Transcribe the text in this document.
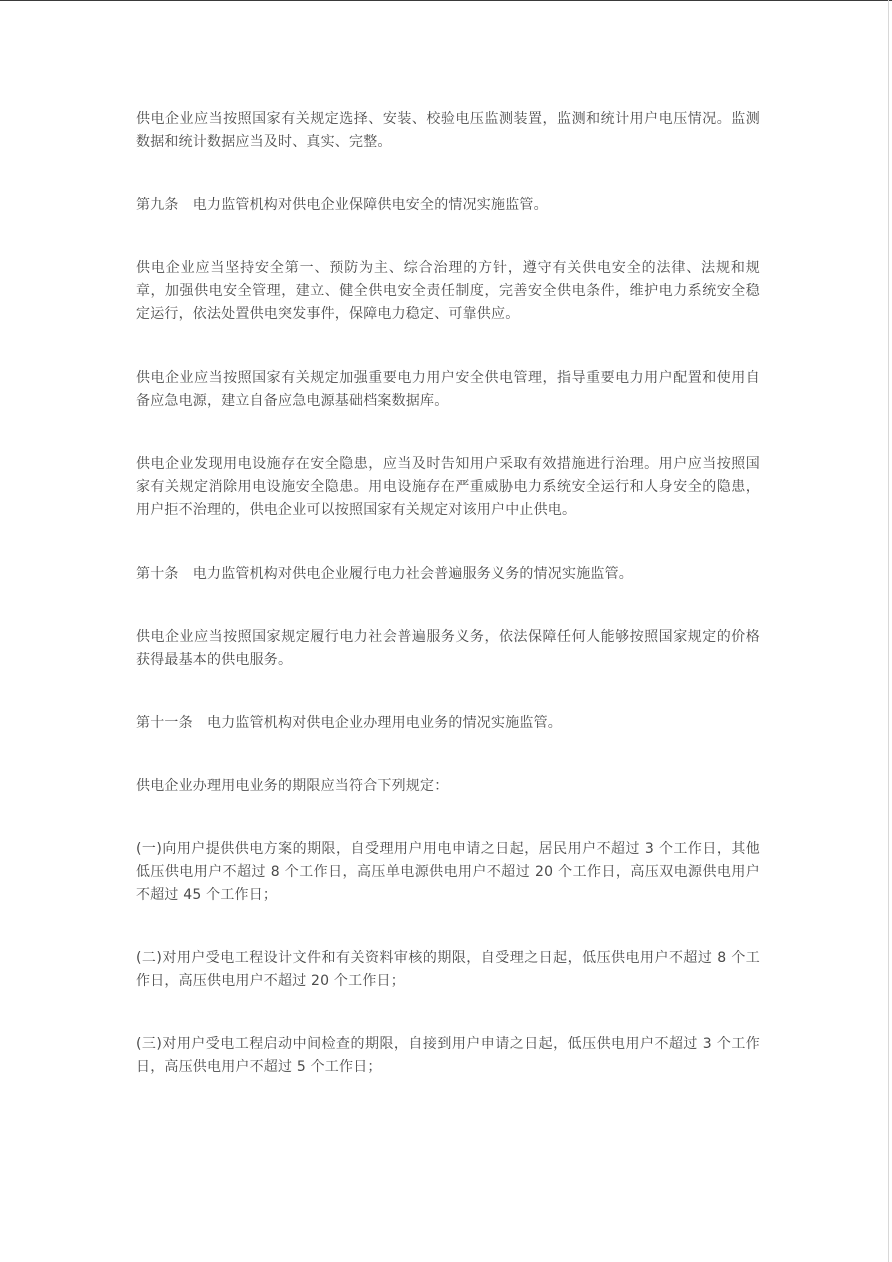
供电企业应当按照国家有关规定选择、安装、校验电压监测装置，监测和统计用户电压情况。监测数据和统计数据应当及时、真实、完整。

第九条　电力监管机构对供电企业保障供电安全的情况实施监管。

供电企业应当坚持安全第一、预防为主、综合治理的方针，遵守有关供电安全的法律、法规和规章，加强供电安全管理，建立、健全供电安全责任制度，完善安全供电条件，维护电力系统安全稳定运行，依法处置供电突发事件，保障电力稳定、可靠供应。

供电企业应当按照国家有关规定加强重要电力用户安全供电管理，指导重要电力用户配置和使用自备应急电源，建立自备应急电源基础档案数据库。

供电企业发现用电设施存在安全隐患，应当及时告知用户采取有效措施进行治理。用户应当按照国家有关规定消除用电设施安全隐患。用电设施存在严重威胁电力系统安全运行和人身安全的隐患，用户拒不治理的，供电企业可以按照国家有关规定对该用户中止供电。

第十条　电力监管机构对供电企业履行电力社会普遍服务义务的情况实施监管。

供电企业应当按照国家规定履行电力社会普遍服务义务，依法保障任何人能够按照国家规定的价格获得最基本的供电服务。

第十一条　电力监管机构对供电企业办理用电业务的情况实施监管。

供电企业办理用电业务的期限应当符合下列规定：

(一)向用户提供供电方案的期限，自受理用户用电申请之日起，居民用户不超过 3 个工作日，其他低压供电用户不超过 8 个工作日，高压单电源供电用户不超过 20 个工作日，高压双电源供电用户不超过 45 个工作日；

(二)对用户受电工程设计文件和有关资料审核的期限，自受理之日起，低压供电用户不超过 8 个工作日，高压供电用户不超过 20 个工作日；

(三)对用户受电工程启动中间检查的期限，自接到用户申请之日起，低压供电用户不超过 3 个工作日，高压供电用户不超过 5 个工作日；
